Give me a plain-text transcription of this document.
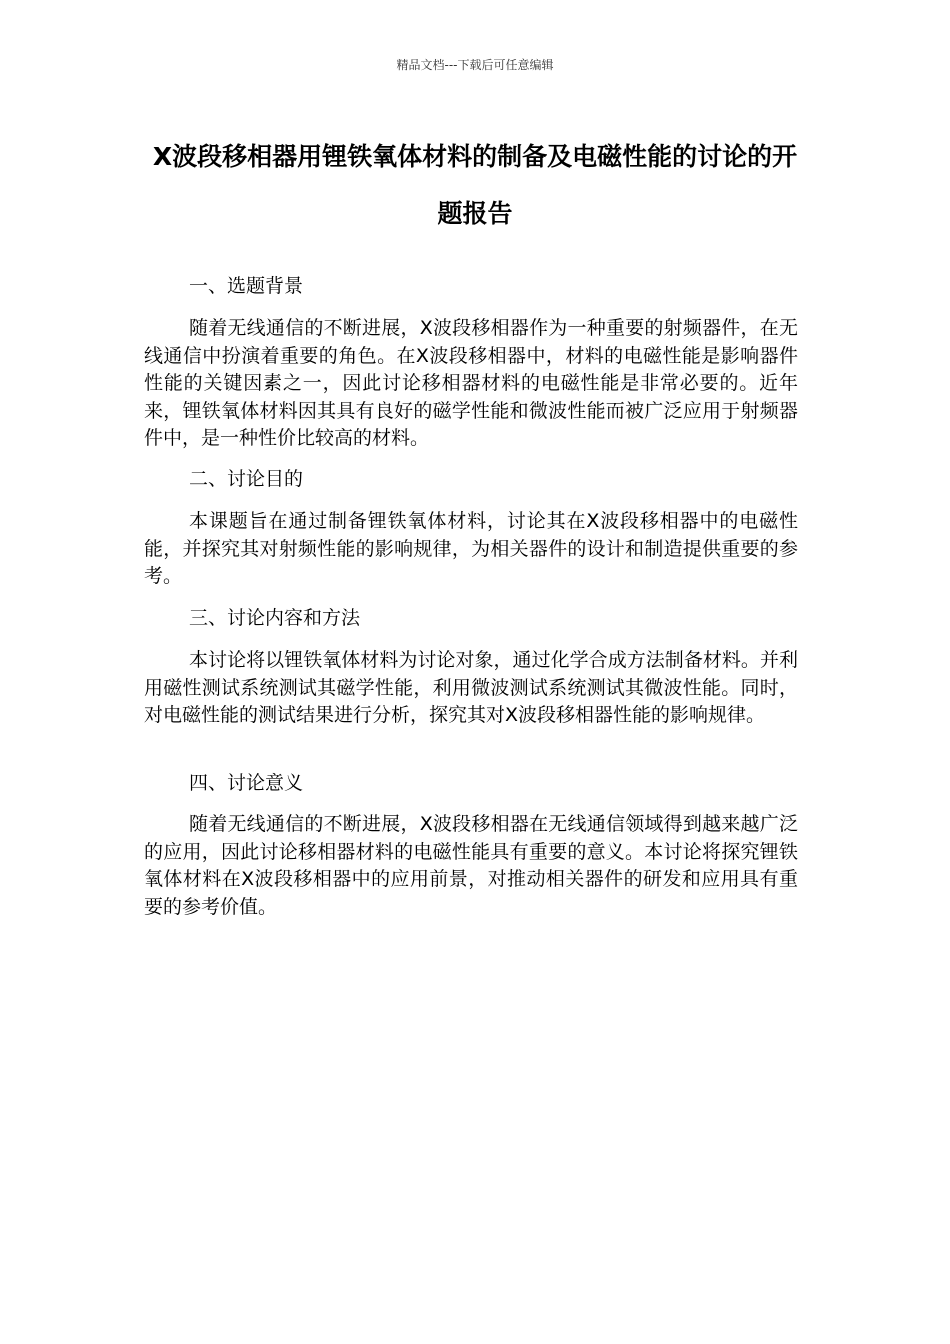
精品文档---下载后可任意编辑
X波段移相器用锂铁氧体材料的制备及电磁性能的讨论的开题报告
一、选题背景

随着无线通信的不断进展，X波段移相器作为一种重要的射频器件，在无线通信中扮演着重要的角色。在X波段移相器中，材料的电磁性能是影响器件性能的关键因素之一，因此讨论移相器材料的电磁性能是非常必要的。近年来，锂铁氧体材料因其具有良好的磁学性能和微波性能而被广泛应用于射频器件中，是一种性价比较高的材料。

二、讨论目的

本课题旨在通过制备锂铁氧体材料，讨论其在X波段移相器中的电磁性能，并探究其对射频性能的影响规律，为相关器件的设计和制造提供重要的参考。

三、讨论内容和方法

本讨论将以锂铁氧体材料为讨论对象，通过化学合成方法制备材料。并利用磁性测试系统测试其磁学性能，利用微波测试系统测试其微波性能。同时，对电磁性能的测试结果进行分析，探究其对X波段移相器性能的影响规律。

四、讨论意义

随着无线通信的不断进展，X波段移相器在无线通信领域得到越来越广泛的应用，因此讨论移相器材料的电磁性能具有重要的意义。本讨论将探究锂铁氧体材料在X波段移相器中的应用前景，对推动相关器件的研发和应用具有重要的参考价值。
